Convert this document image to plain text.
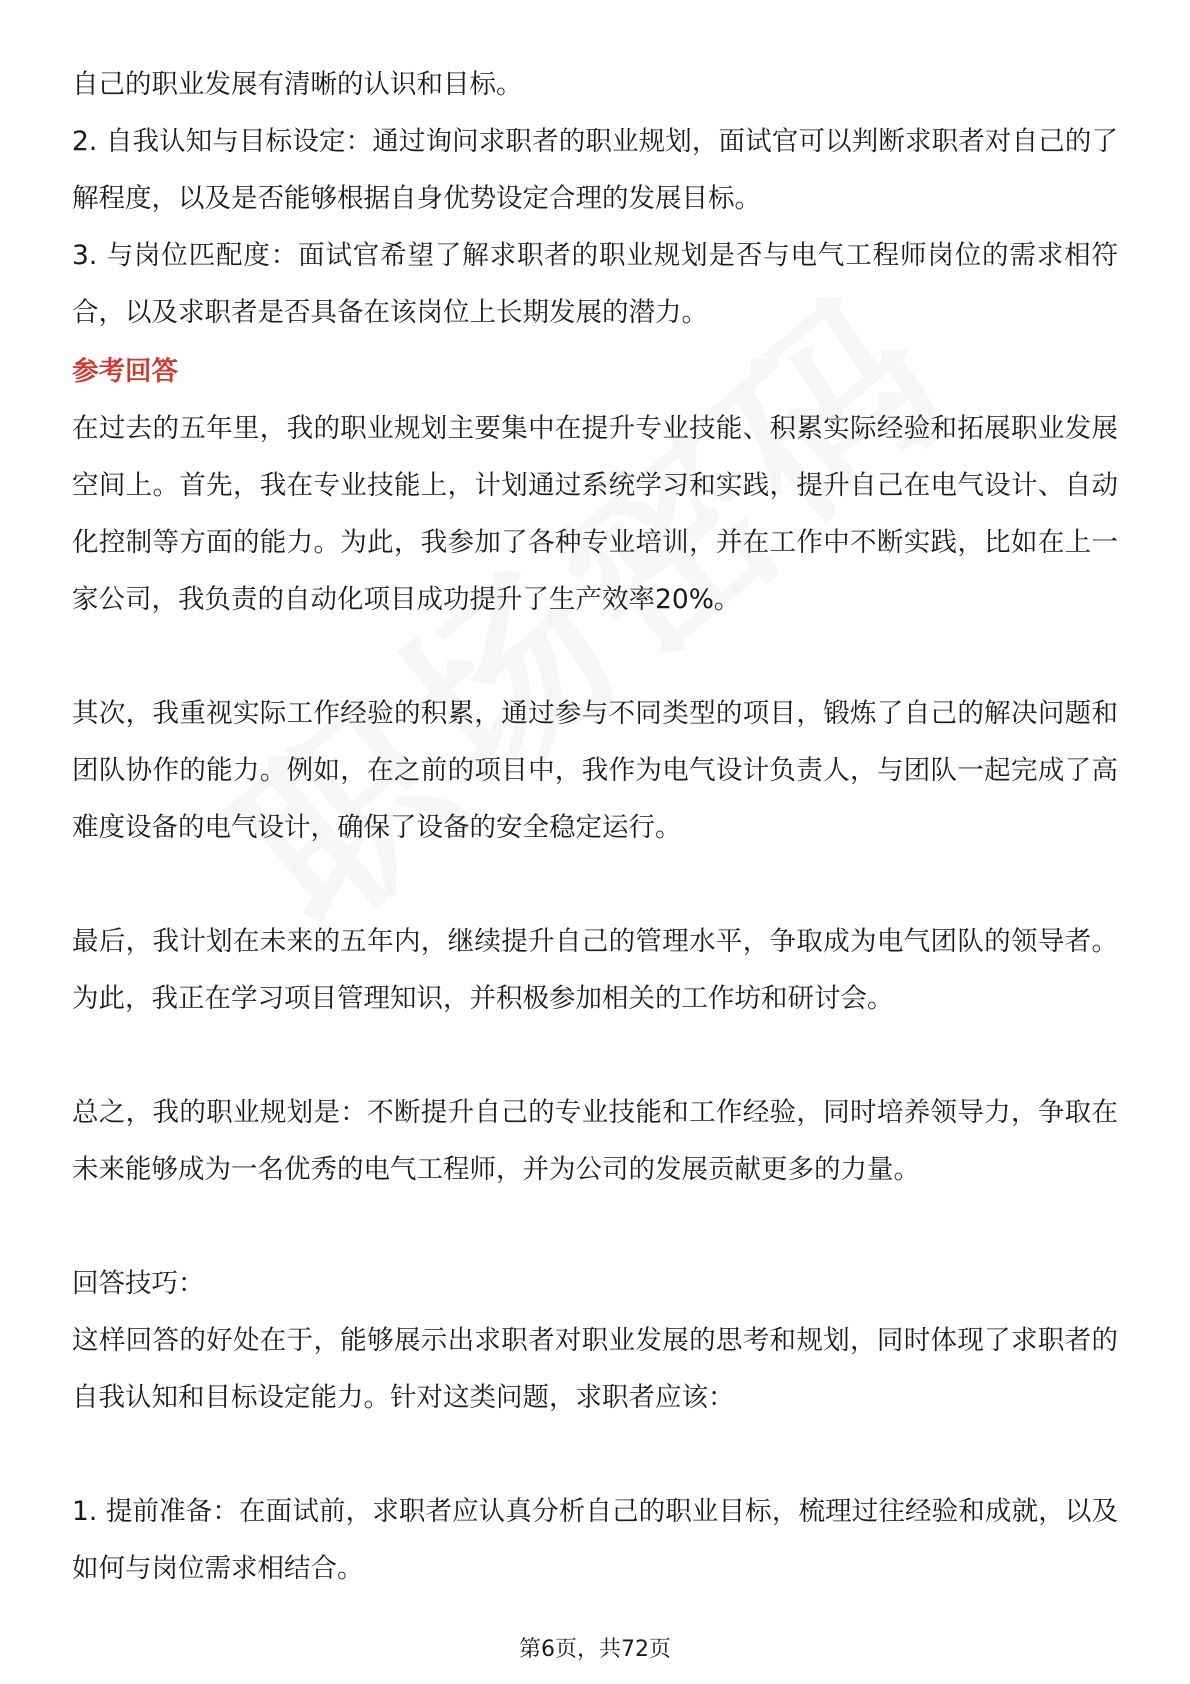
自己的职业发展有清晰的认识和目标。

2. 自我认知与目标设定：通过询问求职者的职业规划，面试官可以判断求职者对自己的了解程度，以及是否能够根据自身优势设定合理的发展目标。

3. 与岗位匹配度：面试官希望了解求职者的职业规划是否与电气工程师岗位的需求相符合，以及求职者是否具备在该岗位上长期发展的潜力。

参考回答

在过去的五年里，我的职业规划主要集中在提升专业技能、积累实际经验和拓展职业发展空间上。首先，我在专业技能上，计划通过系统学习和实践，提升自己在电气设计、自动化控制等方面的能力。为此，我参加了各种专业培训，并在工作中不断实践，比如在上一家公司，我负责的自动化项目成功提升了生产效率20%。

其次，我重视实际工作经验的积累，通过参与不同类型的项目，锻炼了自己的解决问题和团队协作的能力。例如，在之前的项目中，我作为电气设计负责人，与团队一起完成了高难度设备的电气设计，确保了设备的安全稳定运行。

最后，我计划在未来的五年内，继续提升自己的管理水平，争取成为电气团队的领导者。为此，我正在学习项目管理知识，并积极参加相关的工作坊和研讨会。

总之，我的职业规划是：不断提升自己的专业技能和工作经验，同时培养领导力，争取在未来能够成为一名优秀的电气工程师，并为公司的发展贡献更多的力量。

回答技巧：

这样回答的好处在于，能够展示出求职者对职业发展的思考和规划，同时体现了求职者的自我认知和目标设定能力。针对这类问题，求职者应该：

1. 提前准备：在面试前，求职者应认真分析自己的职业目标，梳理过往经验和成就，以及如何与岗位需求相结合。

第6页，共72页
